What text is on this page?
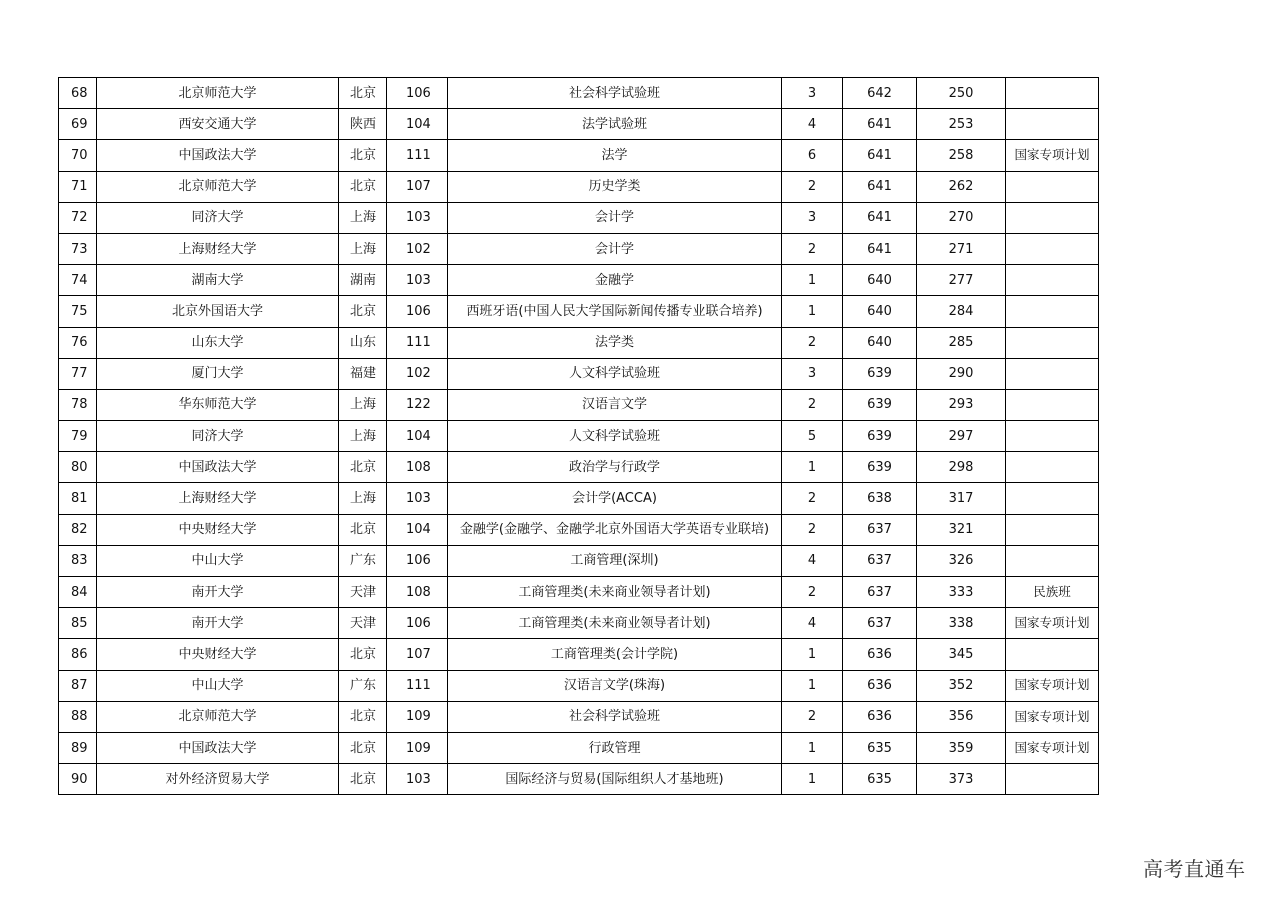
68	北京师范大学	北京	106	社会科学试验班	3	642	250	
69	西安交通大学	陕西	104	法学试验班	4	641	253	
70	中国政法大学	北京	111	法学	6	641	258	国家专项计划
71	北京师范大学	北京	107	历史学类	2	641	262	
72	同济大学	上海	103	会计学	3	641	270	
73	上海财经大学	上海	102	会计学	2	641	271	
74	湖南大学	湖南	103	金融学	1	640	277	
75	北京外国语大学	北京	106	西班牙语(中国人民大学国际新闻传播专业联合培养)	1	640	284	
76	山东大学	山东	111	法学类	2	640	285	
77	厦门大学	福建	102	人文科学试验班	3	639	290	
78	华东师范大学	上海	122	汉语言文学	2	639	293	
79	同济大学	上海	104	人文科学试验班	5	639	297	
80	中国政法大学	北京	108	政治学与行政学	1	639	298	
81	上海财经大学	上海	103	会计学(ACCA)	2	638	317	
82	中央财经大学	北京	104	金融学(金融学、金融学北京外国语大学英语专业联培)	2	637	321	
83	中山大学	广东	106	工商管理(深圳)	4	637	326	
84	南开大学	天津	108	工商管理类(未来商业领导者计划)	2	637	333	民族班
85	南开大学	天津	106	工商管理类(未来商业领导者计划)	4	637	338	国家专项计划
86	中央财经大学	北京	107	工商管理类(会计学院)	1	636	345	
87	中山大学	广东	111	汉语言文学(珠海)	1	636	352	国家专项计划
88	北京师范大学	北京	109	社会科学试验班	2	636	356	国家专项计划
89	中国政法大学	北京	109	行政管理	1	635	359	国家专项计划
90	对外经济贸易大学	北京	103	国际经济与贸易(国际组织人才基地班)	1	635	373	
高考直通车
